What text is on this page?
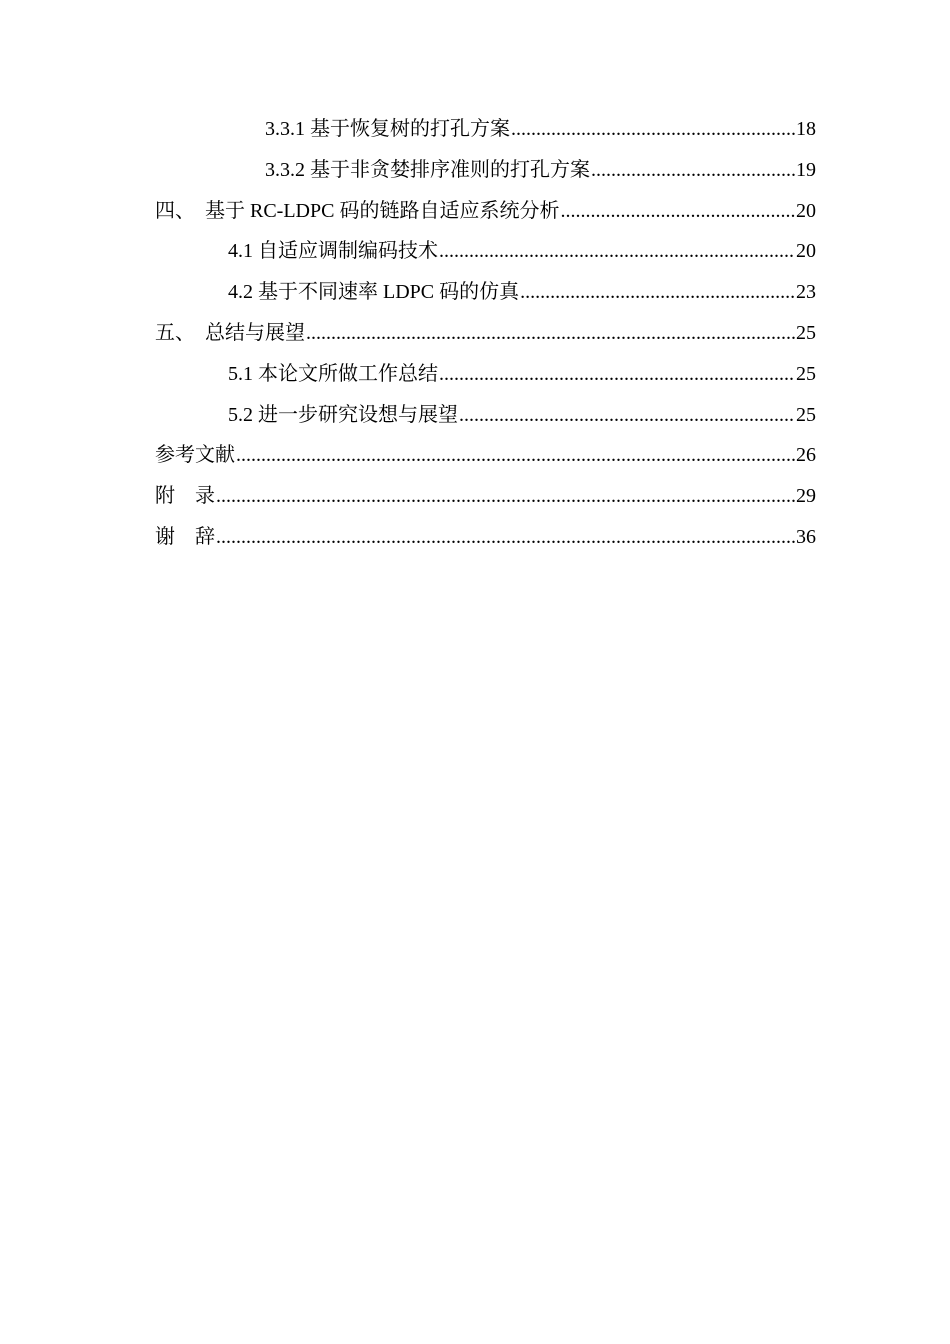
3.3.1 基于恢复树的打孔方案 .....	18
3.3.2 基于非贪婪排序准则的打孔方案 .....	19
四、 基于 RC-LDPC 码的链路自适应系统分析 .....	20
4.1 自适应调制编码技术 .....	20
4.2 基于不同速率 LDPC 码的仿真 .....	23
五、 总结与展望 .....	25
5.1 本论文所做工作总结 .....	25
5.2 进一步研究设想与展望 .....	25
参考文献 .....	26
附　录 .....	29
谢　辞 .....	36
